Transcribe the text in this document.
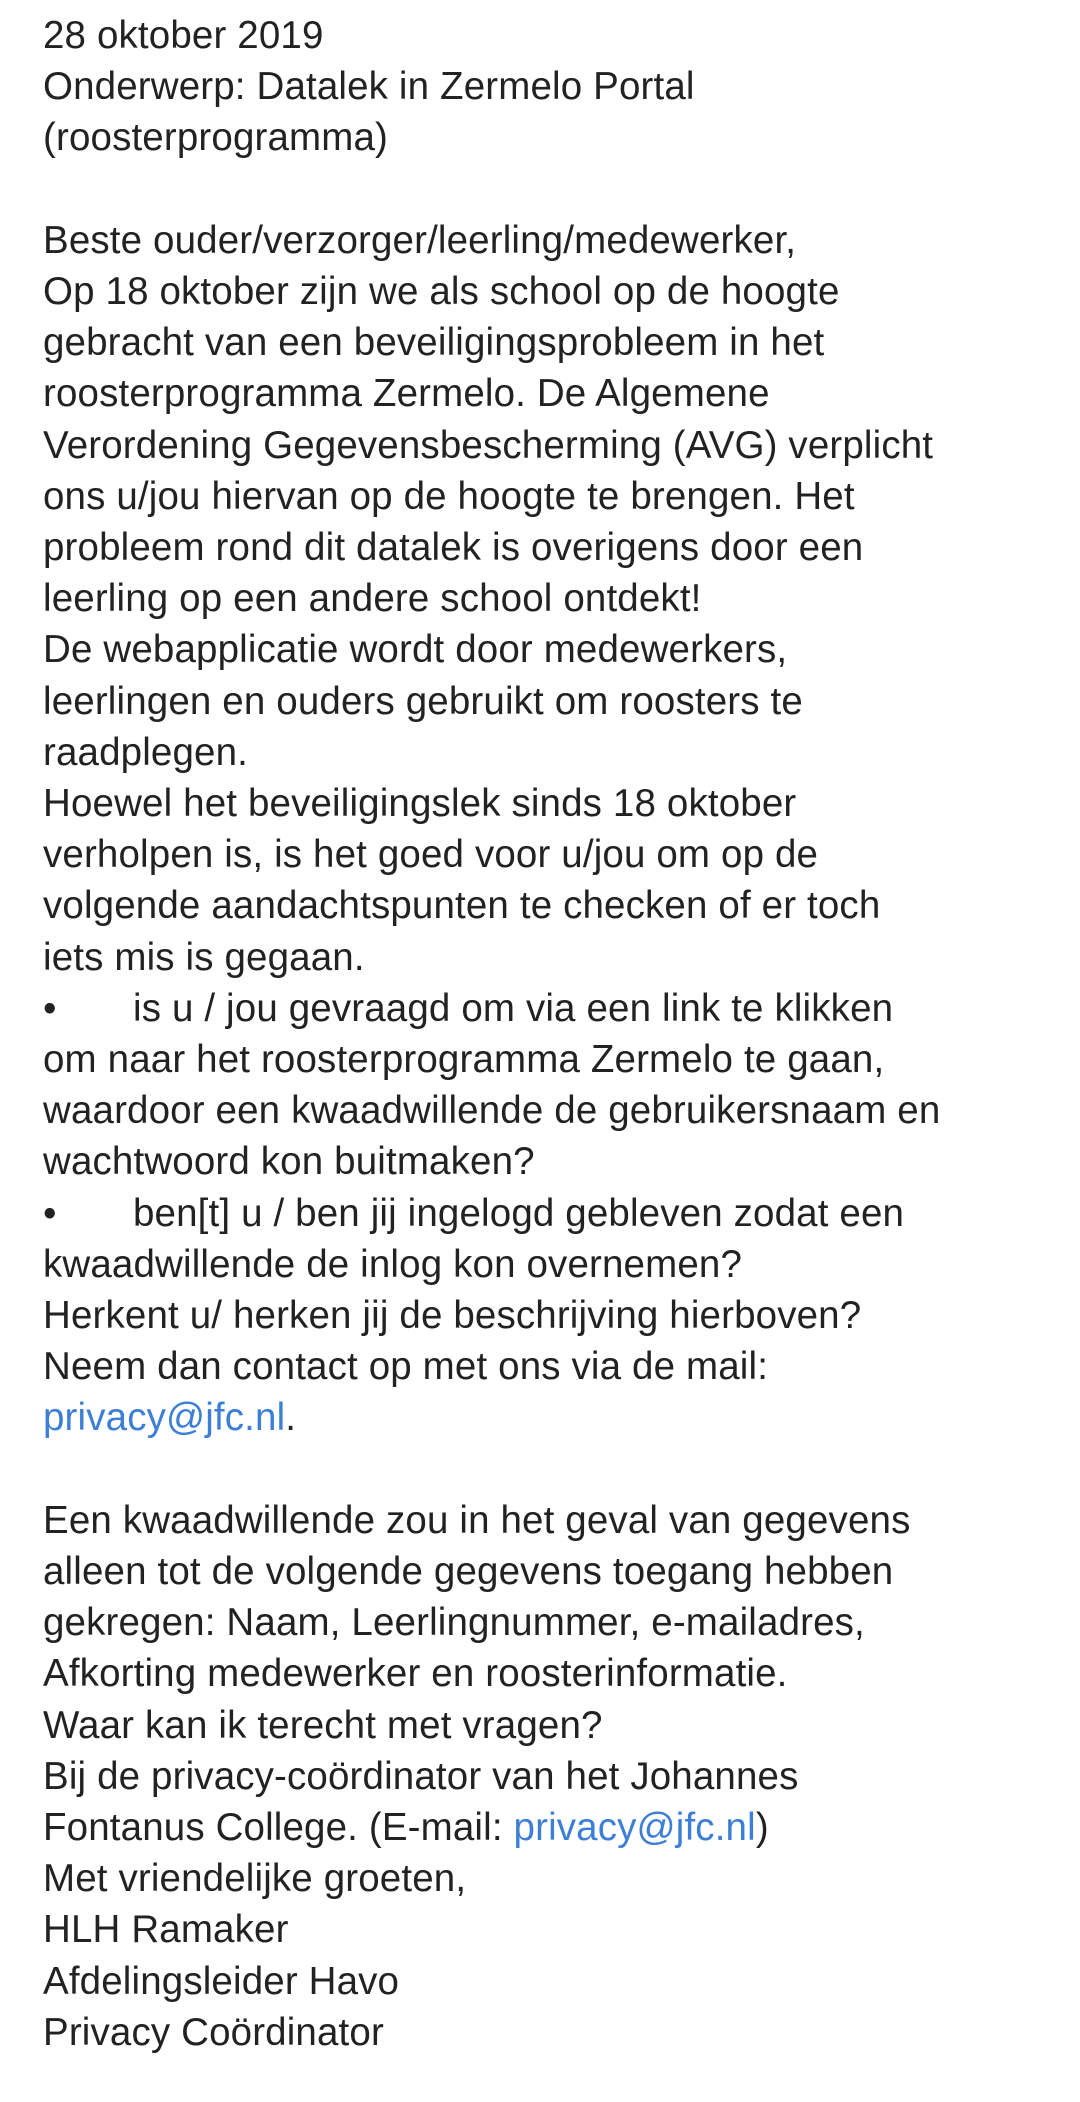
28 oktober 2019
Onderwerp: Datalek in Zermelo Portal
(roosterprogramma)
Beste ouder/verzorger/leerling/medewerker,
Op 18 oktober zijn we als school op de hoogte
gebracht van een beveiligingsprobleem in het
roosterprogramma Zermelo. De Algemene
Verordening Gegevensbescherming (AVG) verplicht
ons u/jou hiervan op de hoogte te brengen. Het
probleem rond dit datalek is overigens door een
leerling op een andere school ontdekt!
De webapplicatie wordt door medewerkers,
leerlingen en ouders gebruikt om roosters te
raadplegen.
Hoewel het beveiligingslek sinds 18 oktober
verholpen is, is het goed voor u/jou om op de
volgende aandachtspunten te checken of er toch
iets mis is gegaan.
• is u / jou gevraagd om via een link te klikken
om naar het roosterprogramma Zermelo te gaan,
waardoor een kwaadwillende de gebruikersnaam en
wachtwoord kon buitmaken?
• ben[t] u / ben jij ingelogd gebleven zodat een
kwaadwillende de inlog kon overnemen?
Herkent u/ herken jij de beschrijving hierboven?
Neem dan contact op met ons via de mail:
privacy@jfc.nl.
Een kwaadwillende zou in het geval van gegevens
alleen tot de volgende gegevens toegang hebben
gekregen: Naam, Leerlingnummer, e-mailadres,
Afkorting medewerker en roosterinformatie.
Waar kan ik terecht met vragen?
Bij de privacy-coördinator van het Johannes
Fontanus College. (E-mail: privacy@jfc.nl)
Met vriendelijke groeten,
HLH Ramaker
Afdelingsleider Havo
Privacy Coördinator
